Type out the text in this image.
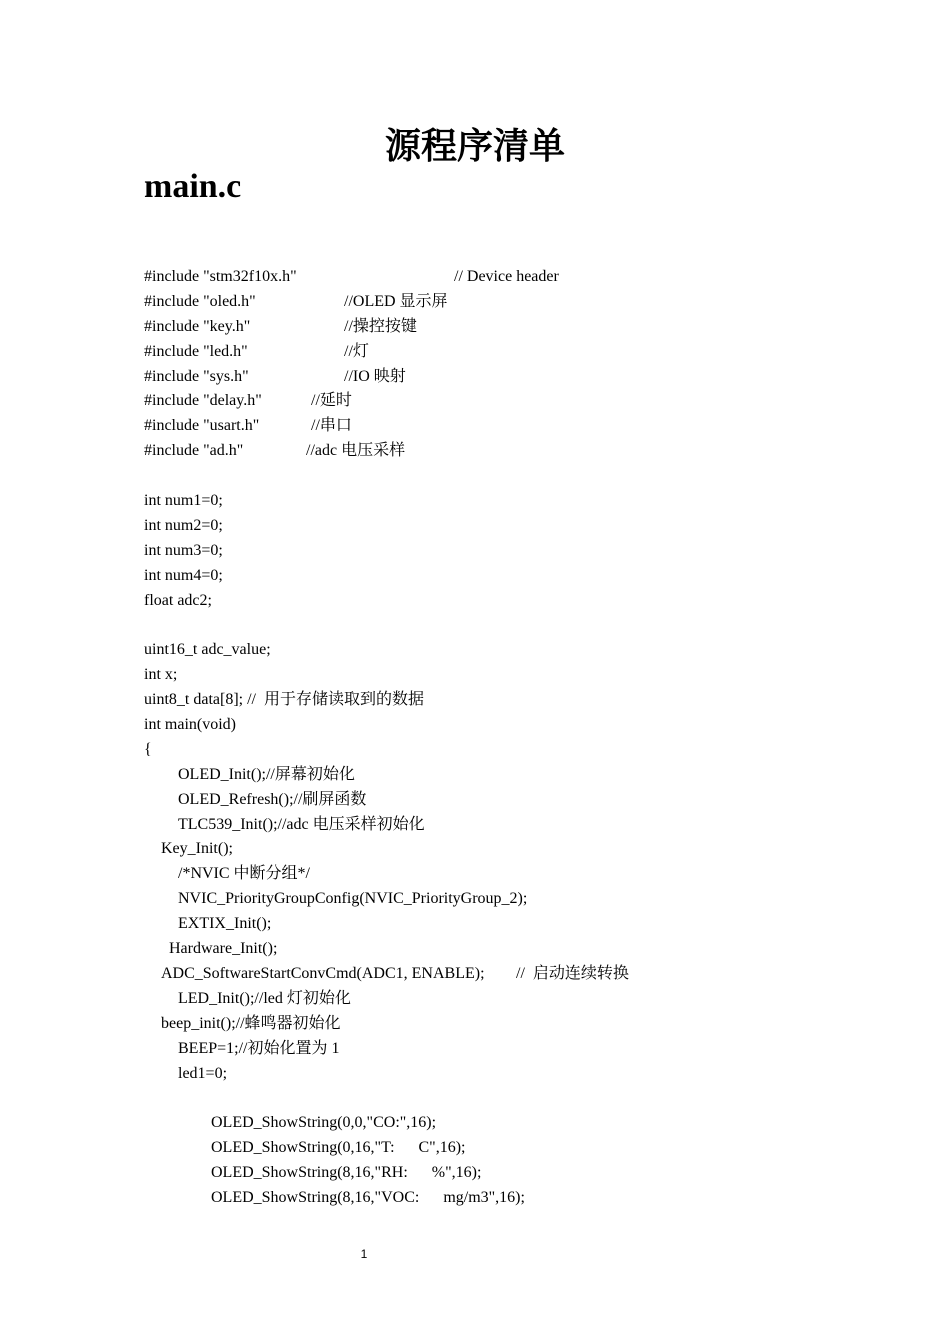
源程序清单
main.c
#include "stm32f10x.h"	// Device header
#include "oled.h"	//OLED 显示屏
#include "key.h"	//操控按键
#include "led.h"	//灯
#include "sys.h"	//IO 映射
#include "delay.h"	//延时
#include "usart.h"	//串口
#include "ad.h"	//adc 电压采样
int num1=0;
int num2=0;
int num3=0;
int num4=0;
float adc2;
uint16_t adc_value;
int x;
uint8_t data[8]; //  用于存储读取到的数据
int main(void)
{
OLED_Init();//屏幕初始化
OLED_Refresh();//刷屏函数
TLC539_Init();//adc 电压采样初始化
Key_Init();
/*NVIC 中断分组*/
NVIC_PriorityGroupConfig(NVIC_PriorityGroup_2);
EXTIX_Init();
Hardware_Init();
ADC_SoftwareStartConvCmd(ADC1, ENABLE); //  启动连续转换
LED_Init();//led 灯初始化
beep_init();//蜂鸣器初始化
BEEP=1;//初始化置为 1
led1=0;
OLED_ShowString(0,0,"CO:",16);
OLED_ShowString(0,16,"T:      C",16);
OLED_ShowString(8,16,"RH:      %",16);
OLED_ShowString(8,16,"VOC:      mg/m3",16);
1
